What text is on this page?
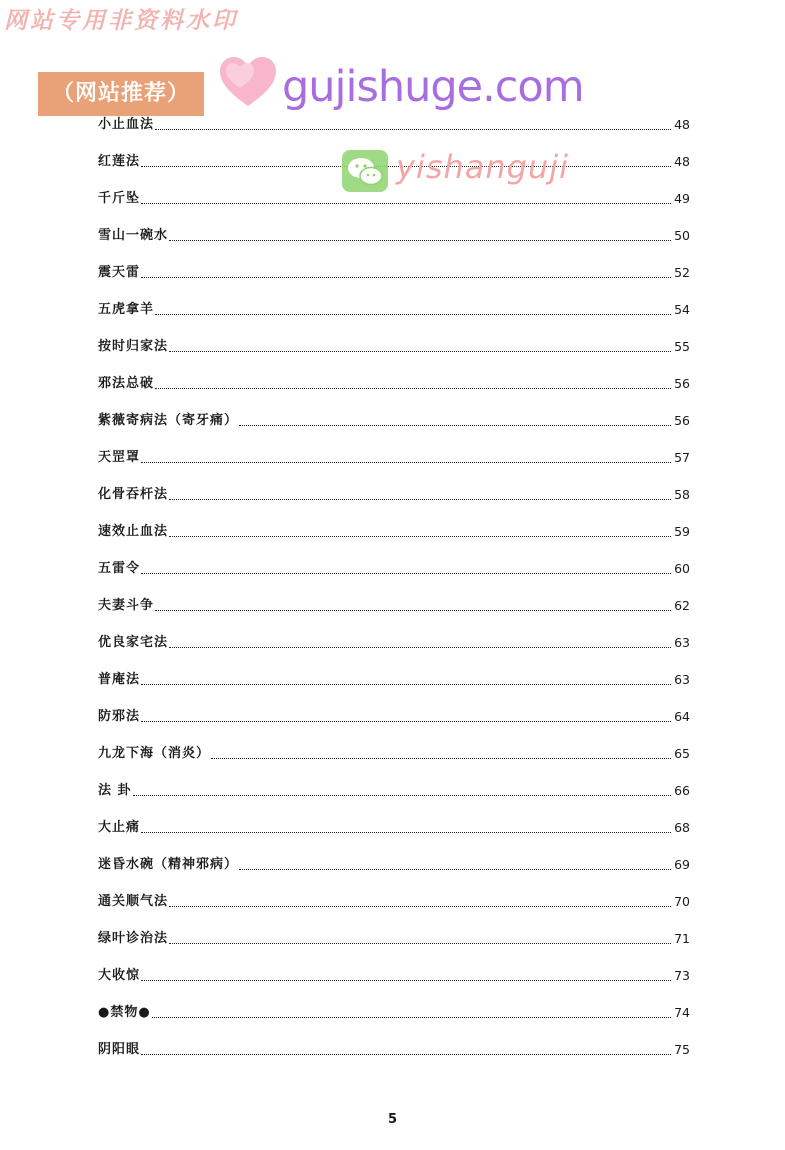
网站专用非资料水印
（网站推荐）	gujishuge.com
yishanguji
小止血法	48
红莲法	48
千斤坠	49
雪山一碗水	50
震天雷	52
五虎拿羊	54
按时归家法	55
邪法总破	56
紫薇寄病法（寄牙痛）	56
天罡罩	57
化骨吞杆法	58
速效止血法	59
五雷令	60
夫妻斗争	62
优良家宅法	63
普庵法	63
防邪法	64
九龙下海（消炎）	65
法 卦	66
大止痛	68
迷昏水碗（精神邪病）	69
通关顺气法	70
绿叶诊治法	71
大收惊	73
●禁物●	74
阴阳眼	75
5
